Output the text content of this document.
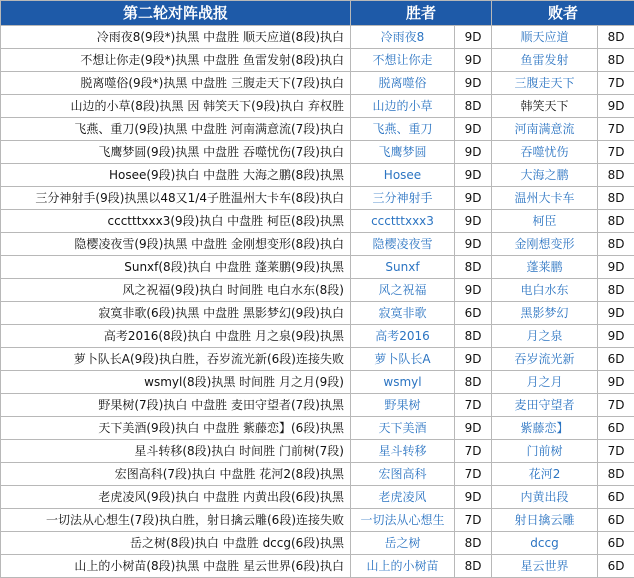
第二轮对阵战报	胜者		败者	
冷雨夜8(9段*)执黑 中盘胜 顺天应道(8段)执白	冷雨夜8	9D	顺天应道	8D
不想让你走(9段*)执黑 中盘胜 鱼雷发射(8段)执白	不想让你走	9D	鱼雷发射	8D
脱离噬俗(9段*)执黑 中盘胜 三腹走天下(7段)执白	脱离噬俗	9D	三腹走天下	7D
山边的小草(8段)执黑 因 韩笑天下(9段)执白 弃权胜	山边的小草	8D	韩笑天下	9D
飞燕、重刀(9段)执黑 中盘胜 河南满意流(7段)执白	飞燕、重刀	9D	河南满意流	7D
飞鹰梦圆(9段)执黑 中盘胜 吞噬忧伤(7段)执白	飞鹰梦圆	9D	吞噬忧伤	7D
Hosee(9段)执白 中盘胜 大海之鹏(8段)执黑	Hosee	9D	大海之鹏	8D
三分神射手(9段)执黑以48又1/4子胜温州大卡车(8段)执白	三分神射手	9D	温州大卡车	8D
ccctttxxx3(9段)执白 中盘胜 柯臣(8段)执黑	ccctttxxx3	9D	柯臣	8D
隐樱凌夜雪(9段)执黑 中盘胜 金刚想变形(8段)执白	隐樱凌夜雪	9D	金刚想变形	8D
Sunxf(8段)执白 中盘胜 蓬莱鹏(9段)执黑	Sunxf	8D	蓬莱鹏	9D
风之祝福(9段)执白 时间胜 电白水东(8段)	风之祝福	9D	电白水东	8D
寂寞非歌(6段)执黑 中盘胜 黑影梦幻(9段)执白	寂寞非歌	6D	黑影梦幻	9D
高考2016(8段)执白 中盘胜 月之泉(9段)执黑	高考2016	8D	月之泉	9D
萝卜队长A(9段)执白胜，吞岁流光新(6段)连接失败	萝卜队长A	9D	吞岁流光新	6D
wsmyl(8段)执黑 时间胜 月之月(9段)	wsmyl	8D	月之月	9D
野果树(7段)执白 中盘胜 麦田守望者(7段)执黑	野果树	7D	麦田守望者	7D
天下美酒(9段)执白 中盘胜 紫藤恋】(6段)执黑	天下美酒	9D	紫藤恋】	6D
星斗转移(8段)执白 时间胜 门前树(7段)	星斗转移	7D	门前树	7D
宏图高科(7段)执白 中盘胜 花河2(8段)执黑	宏图高科	7D	花河2	8D
老虎凌风(9段)执白 中盘胜 内黄出段(6段)执黑	老虎凌风	9D	内黄出段	6D
一切法从心想生(7段)执白胜，射日擒云雕(6段)连接失败	一切法从心想生	7D	射日擒云雕	6D
岳之树(8段)执白 中盘胜 dccg(6段)执黑	岳之树	8D	dccg	6D
山上的小树苗(8段)执黑 中盘胜 星云世界(6段)执白	山上的小树苗	8D	星云世界	6D
